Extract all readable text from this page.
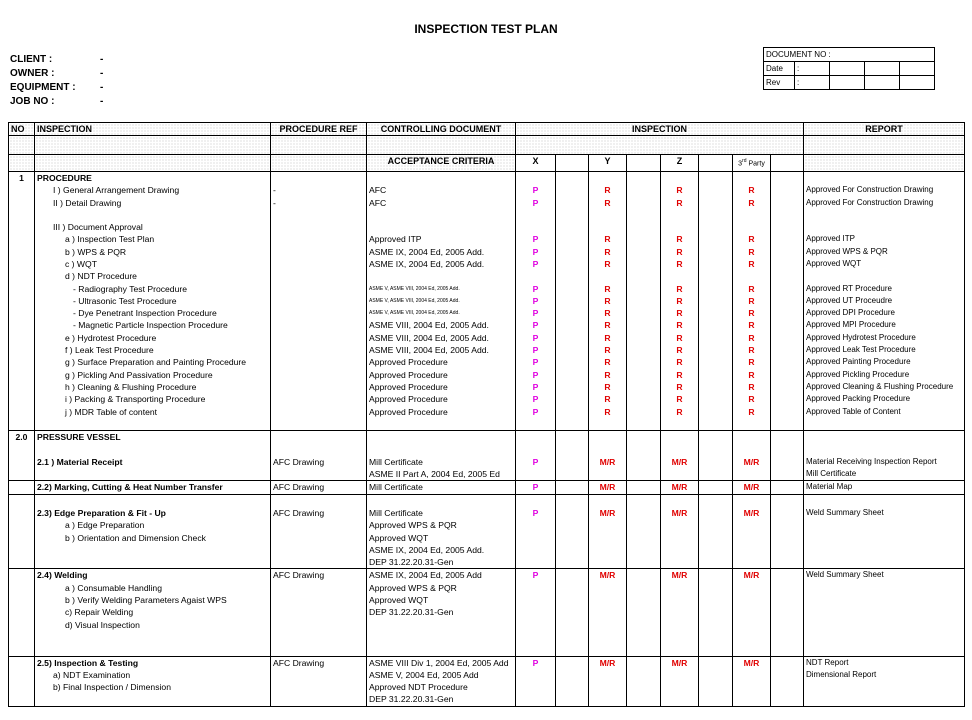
INSPECTION TEST PLAN
CLIENT :	-
OWNER :	-
EQUIPMENT :	-
JOB NO :	-
DOCUMENT NO :				
Date	:			
Rev	:			
NO	INSPECTION	PROCEDURE REF	CONTROLLING DOCUMENT	INSPECTION								REPORT

			ACCEPTANCE CRITERIA	X		Y		Z		3rd Party		
1	PROCEDURE											
	I ) General Arrangement Drawing	-	AFC	P		R		R		R		Approved For Construction Drawing
	II ) Detail Drawing	-	AFC	P		R		R		R		Approved For Construction Drawing

	III ) Document Approval											
	a ) Inspection Test Plan		Approved ITP	P		R		R		R		Approved ITP
	b ) WPS & PQR		ASME IX, 2004 Ed, 2005 Add.	P		R		R		R		Approved WPS & PQR
	c ) WQT		ASME IX, 2004 Ed, 2005 Add.	P		R		R		R		Approved WQT
	d ) NDT Procedure											
	- Radiography Test Procedure		ASME V, ASME VIII, 2004 Ed, 2005 Add.	P		R		R		R		Approved RT Procedure
	- Ultrasonic Test Procedure		ASME V, ASME VIII, 2004 Ed, 2005 Add.	P		R		R		R		Approved UT Proceudre
	- Dye Penetrant Inspection Procedure		ASME V, ASME VIII, 2004 Ed, 2005 Add.	P		R		R		R		Approved DPI Procedure
	- Magnetic Particle Inspection Procedure		ASME VIII, 2004 Ed, 2005 Add.	P		R		R		R		Approved MPI Procedure
	e ) Hydrotest Procedure		ASME VIII, 2004 Ed, 2005 Add.	P		R		R		R		Approved Hydrotest Procedure
	f ) Leak Test Procedure		ASME VIII, 2004 Ed, 2005 Add.	P		R		R		R		Approved Leak Test Procedure
	g ) Surface Preparation and Painting Procedure		Approved Procedure	P		R		R		R		Approved Painting Procedure
	g ) Pickling And Passivation Procedure		Approved Procedure	P		R		R		R		Approved Pickling Procedure
	h ) Cleaning & Flushing Procedure		Approved Procedure	P		R		R		R		Approved Cleaning & Flushing Procedure
	i ) Packing & Transporting Procedure		Approved Procedure	P		R		R		R		Approved Packing Procedure
	j ) MDR Table of content		Approved Procedure	P		R		R		R		Approved Table of Content

2.0	PRESSURE VESSEL											

	2.1 ) Material Receipt	AFC Drawing	Mill Certificate	P		M/R		M/R		M/R		Material Receiving Inspection Report
			ASME II Part A, 2004 Ed, 2005 Ed									Mill Certificate
	2.2) Marking, Cutting & Heat Number Transfer	AFC Drawing	Mill Certificate	P		M/R		M/R		M/R		Material Map

	2.3) Edge Preparation & Fit - Up	AFC Drawing	Mill Certificate	P		M/R		M/R		M/R		Weld Summary Sheet
	a ) Edge Preparation		Approved WPS & PQR									
	b ) Orientation and Dimension Check		Approved WQT									
			ASME IX, 2004 Ed, 2005 Add.									
			DEP 31.22.20.31-Gen									
	2.4) Welding	AFC Drawing	ASME IX, 2004 Ed, 2005 Add	P		M/R		M/R		M/R		Weld Summary Sheet
	a ) Consumable Handling		Approved WPS & PQR									
	b ) Verify Welding Parameters Agaist WPS		Approved WQT									
	c) Repair Welding		DEP 31.22.20.31-Gen									
	d) Visual Inspection											

	2.5) Inspection & Testing	AFC Drawing	ASME VIII Div 1, 2004 Ed, 2005 Add	P		M/R		M/R		M/R		NDT Report
	a) NDT Examination		ASME V, 2004 Ed, 2005 Add									Dimensional Report
	b) Final Inspection / Dimension		Approved NDT Procedure									
			DEP 31.22.20.31-Gen									
